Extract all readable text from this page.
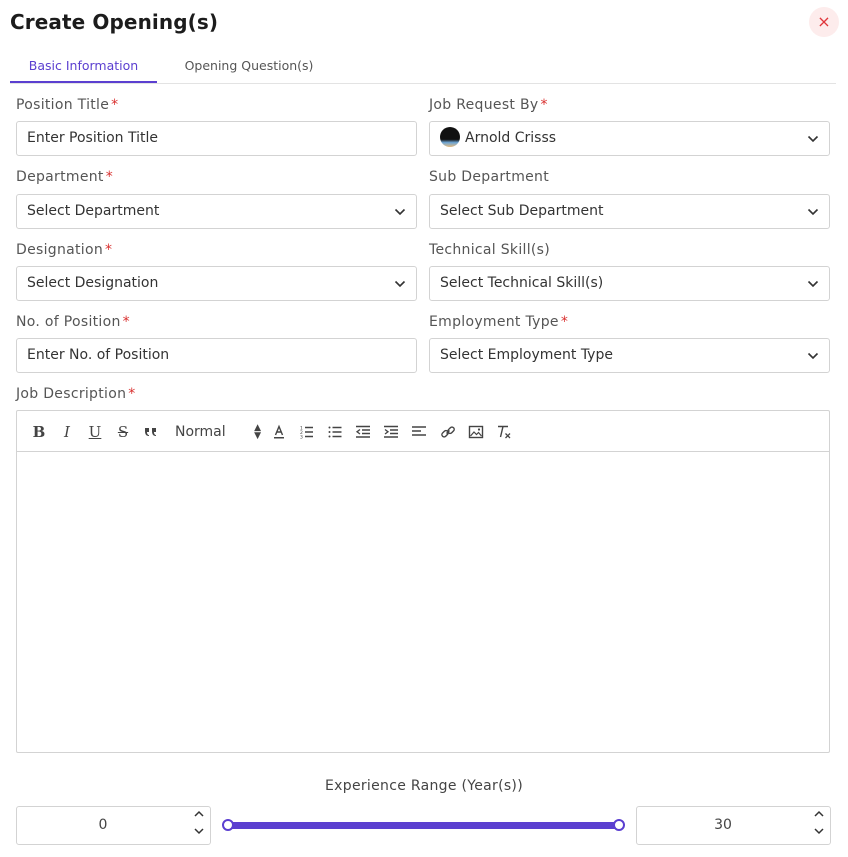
Create Opening(s)	×
Basic Information	Opening Question(s)
Position Title *
Enter Position Title
Job Request By *
Arnold Crisss
Department *
Select Department
Sub Department
Select Sub Department
Designation *
Select Designation
Technical Skill(s)
Select Technical Skill(s)
No. of Position *
Enter No. of Position
Employment Type *
Select Employment Type
Job Description *
B	I	U	S	Normal	▲
▼
1
2
3
Experience Range (Year(s))
0	30
